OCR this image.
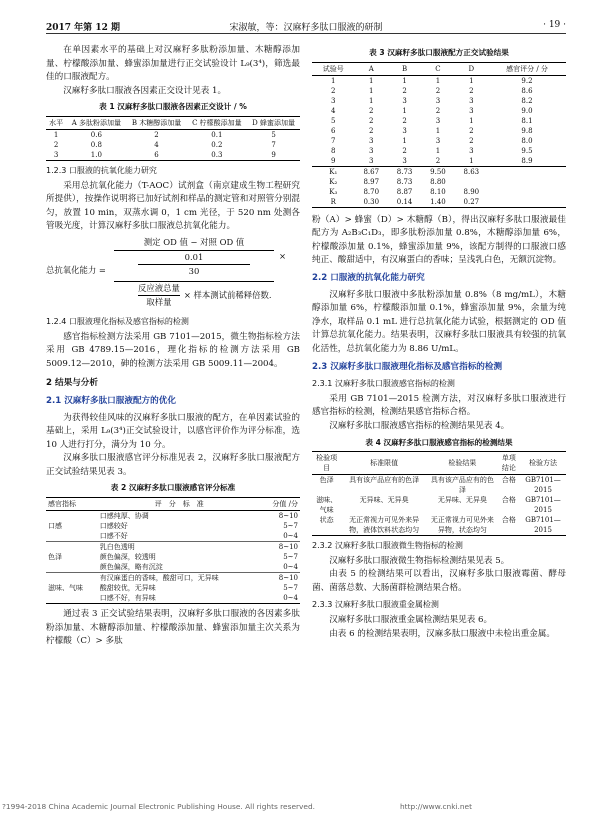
2017 年第 12 期	宋淑敏，等：汉麻籽多肽口服液的研制	· 19 ·

在单因素水平的基础上对汉麻籽多肽粉添加量、木糖醇添加量、柠檬酸添加量、蜂蜜添加量进行正交试验设计 L₉(3⁴)，筛选最佳的口服液配方。

汉麻籽多肽口服液各因素正交设计见表 1。

表 1 汉麻籽多肽口服液各因素正交设计 / %
水平	A 多肽粉添加量	B 木糖醇添加量	C 柠檬酸添加量	D 蜂蜜添加量
1	0.6	2	0.1	5
2	0.8	4	0.2	7
3	1.0	6	0.3	9
1.2.3 口服液的抗氧化能力研究

采用总抗氧化能力（T-AOC）试剂盒（南京建成生物工程研究所提供），按操作说明将已加好试剂和样品的测定管和对照管分别混匀，放置 10 min，双蒸水调 0，1 cm 光径，于 520 nm 处测各管吸光度，计算汉麻籽多肽口服液总抗氧化能力。

总抗氧化能力 =
测定 OD 值 − 对照 OD 值
0.01
30
×
反应液总量
取样量
× 样本测试前稀释倍数.
1.2.4 口服液理化指标及感官指标的检测

感官指标检测方法采用 GB 7101—2015，微生物指标检方法采用 GB 4789.15—2016，理化指标的检测方法采用 GB 5009.12—2010，砷的检测方法采用 GB 5009.11—2004。

2 结果与分析
2.1 汉麻籽多肽口服液配方的优化

为获得较佳风味的汉麻籽多肽口服液的配方，在单因素试验的基础上，采用 L₉(3⁴)正交试验设计，以感官评价作为评分标准，选 10 人进行打分，满分为 10 分。

汉麻多肽口服液感官评分标准见表 2，汉麻籽多肽口服液配方正交试验结果见表 3。

表 2 汉麻籽多肽口服液感官评分标准
感官指标	评　分　标　准	分值 /分
口感	口感纯厚、协调	8~10
	口感较好	5~7
	口感不好	0~4
色泽	乳白色透明	8~10
	颜色偏深，较透明	5~7
	颜色偏深，略有沉淀	0~4
滋味、气味	有汉麻蛋白的香味，酸甜可口，无异味	8~10
	酸甜较优，无异味	5~7
	口感不好，有异味	0~4

通过表 3 正交试验结果表明，汉麻籽多肽口服液的各因素多肽粉添加量、木糖醇添加量、柠檬酸添加量、蜂蜜添加量主次关系为柠檬酸（C）> 多肽

表 3 汉麻籽多肽口服液配方正交试验结果
试验号	A	B	C	D	感官评分 / 分
1	1	1	1	1	9.2
2	1	2	2	2	8.6
3	1	3	3	3	8.2
4	2	1	2	3	9.0
5	2	2	3	1	8.1
6	2	3	1	2	9.8
7	3	1	3	2	8.0
8	3	2	1	3	9.5
9	3	3	2	1	8.9
K₁	8.67	8.73	9.50	8.63	
K₂	8.97	8.73	8.80		
K₃	8.70	8.87	8.10	8.90	
R	0.30	0.14	1.40	0.27	

粉（A）> 蜂蜜（D）> 木糖醇（B），得出汉麻籽多肽口服液最佳配方为 A₂B₃C₁D₃，即多肽粉添加量 0.8%，木糖醇添加量 6%，柠檬酸添加量 0.1%，蜂蜜添加量 9%，该配方制得的口服液口感纯正、酸甜适中，有汉麻蛋白的香味；呈浅乳白色，无额沉淀物。

2.2 口服液的抗氧化能力研究

汉麻籽多肽口服液中多肽粉添加量 0.8%（8 mg/mL），木糖醇添加量 6%，柠檬酸添加量 0.1%，蜂蜜添加量 9%，余量为纯净水，取样品 0.1 mL 进行总抗氧化能力试验，根据测定的 OD 值计算总抗氧化能力。结果表明，汉麻籽多肽口服液具有较强的抗氧化活性，总抗氧化能力为 8.86 U/mL。

2.3 汉麻籽多肽口服液理化指标及感官指标的检测
2.3.1 汉麻籽多肽口服液感官指标的检测

采用 GB 7101—2015 检测方法，对汉麻籽多肽口服液进行感官指标的检测，检测结果感官指标合格。

汉麻籽多肽口服液感官指标的检测结果见表 4。

表 4 汉麻籽多肽口服液感官指标的检测结果
检验项目	标准限值	检验结果	单项结论	检验方法
色泽	具有该产品应有的色泽	具有该产品应有的色泽	合格	GB7101—2015
滋味、气味	无异味、无异臭	无异味、无异臭	合格	GB7101—2015
状态	无正常视力可见外来异物，液体饮料状态均匀	无正常视力可见外来异物，状态均匀	合格	GB7101—2015
2.3.2 汉麻籽多肽口服液微生物指标的检测

汉麻籽多肽口服液微生物指标检测结果见表 5。

由表 5 的检测结果可以看出，汉麻籽多肽口服液霉菌、酵母菌、菌落总数、大肠菌群检测结果合格。

2.3.3 汉麻籽多肽口服液重金属检测

汉麻籽多肽口服液重金属检测结果见表 6。

由表 6 的检测结果表明，汉麻多肽口服液中未检出重金属。

?1994-2018 China Academic Journal Electronic Publishing House. All rights reserved.	http://www.cnki.net
